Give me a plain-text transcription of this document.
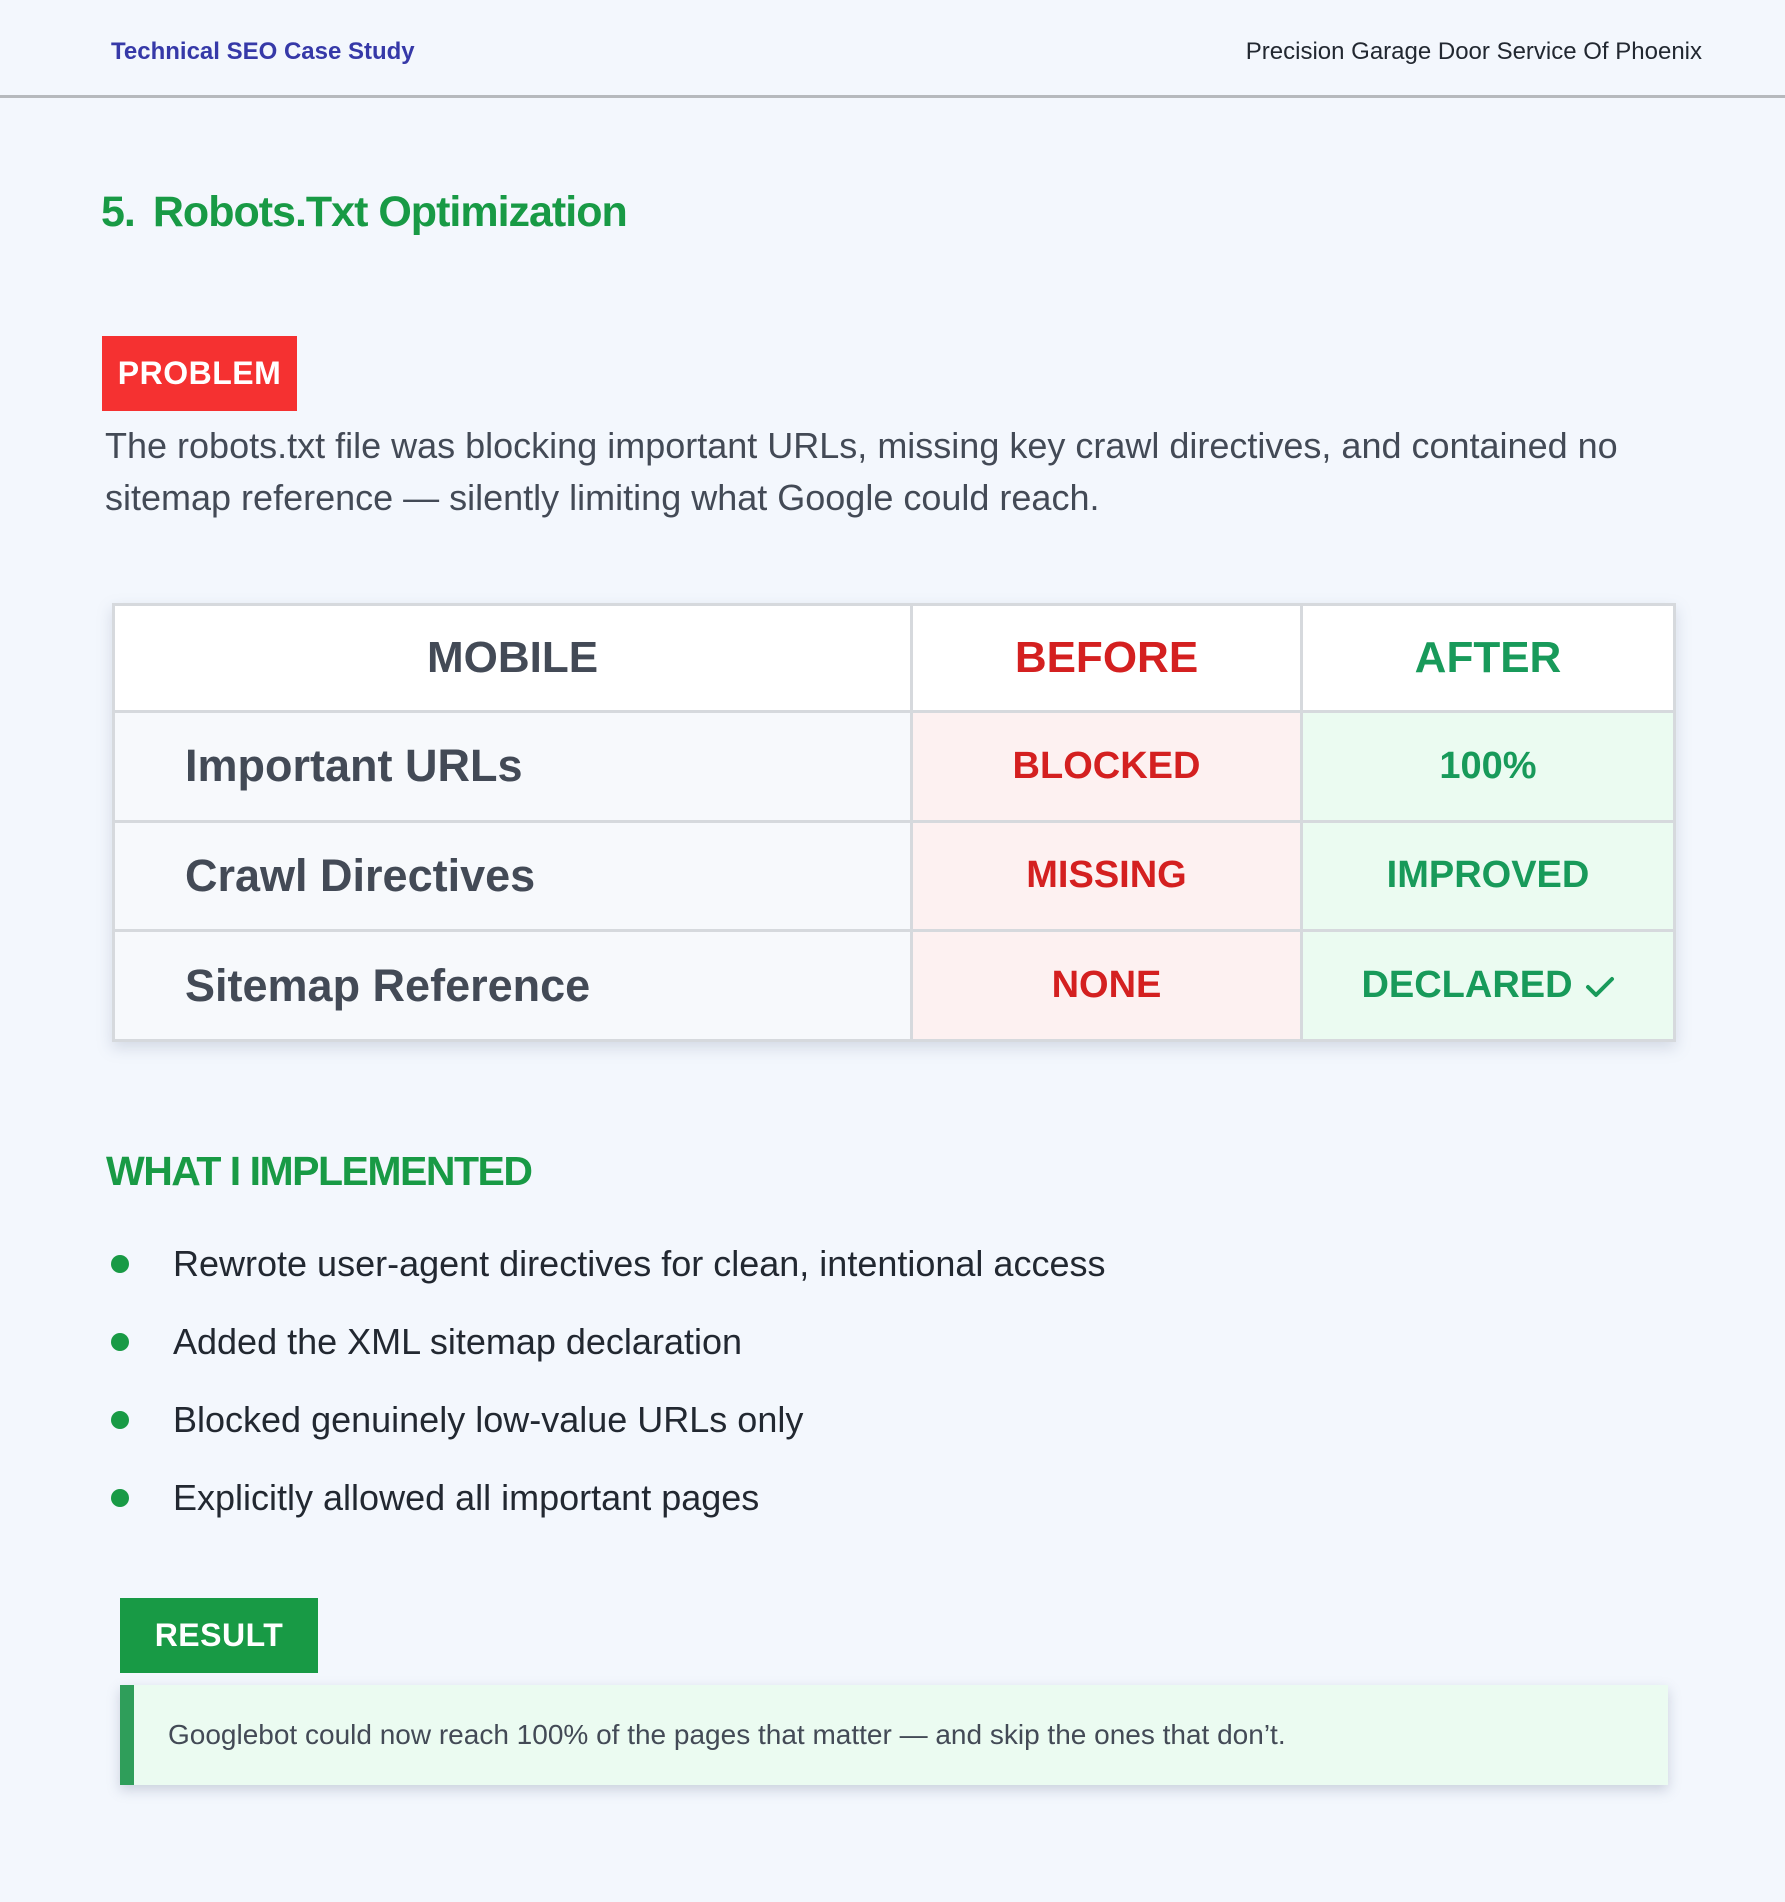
Technical SEO Case Study	Precision Garage Door Service Of Phoenix
5. Robots.Txt Optimization
PROBLEM

The robots.txt file was blocking important URLs, missing key crawl directives, and contained no sitemap reference — silently limiting what Google could reach.

MOBILE	BEFORE	AFTER
Important URLs	BLOCKED	100%
Crawl Directives	MISSING	IMPROVED
Sitemap Reference	NONE	DECLARED
WHAT I IMPLEMENTED
Rewrote user-agent directives for clean, intentional access
Added the XML sitemap declaration
Blocked genuinely low-value URLs only
Explicitly allowed all important pages
RESULT
Googlebot could now reach 100% of the pages that matter — and skip the ones that don’t.
